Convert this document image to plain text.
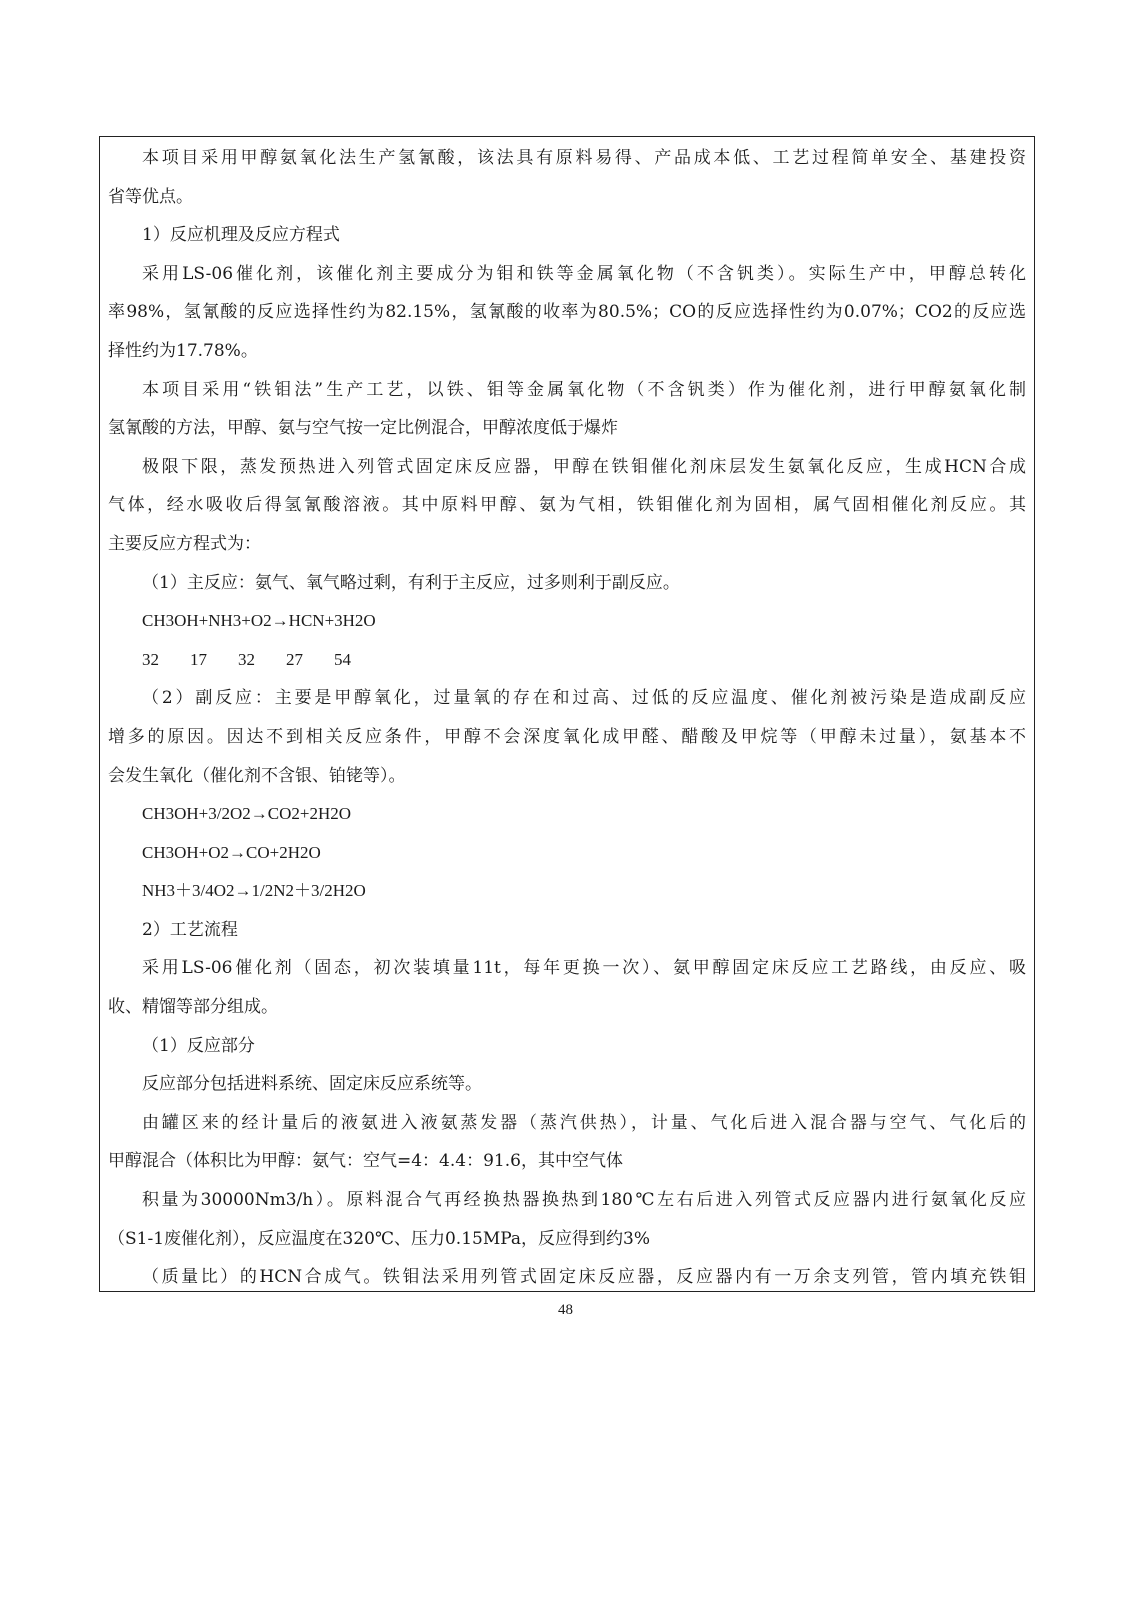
本项目采用甲醇氨氧化法生产氢氰酸，该法具有原料易得、产品成本低、工艺过程简单安全、基建投资
省等优点。
1）反应机理及反应方程式
采用LS-06催化剂，该催化剂主要成分为钼和铁等金属氧化物（不含钒类）。实际生产中，甲醇总转化
率98%，氢氰酸的反应选择性约为82.15%，氢氰酸的收率为80.5%；CO的反应选择性约为0.07%；CO2的反应选
择性约为17.78%。
本项目采用“铁钼法”生产工艺，以铁、钼等金属氧化物（不含钒类）作为催化剂，进行甲醇氨氧化制
氢氰酸的方法，甲醇、氨与空气按一定比例混合，甲醇浓度低于爆炸
极限下限，蒸发预热进入列管式固定床反应器，甲醇在铁钼催化剂床层发生氨氧化反应，生成HCN合成
气体，经水吸收后得氢氰酸溶液。其中原料甲醇、氨为气相，铁钼催化剂为固相，属气固相催化剂反应。其
主要反应方程式为：
（1）主反应：氨气、氧气略过剩，有利于主反应，过多则利于副反应。
CH3OH+NH3+O2→HCN+3H2O
32 17 32 27 54
（2）副反应：主要是甲醇氧化，过量氧的存在和过高、过低的反应温度、催化剂被污染是造成副反应
增多的原因。因达不到相关反应条件，甲醇不会深度氧化成甲醛、醋酸及甲烷等（甲醇未过量），氨基本不
会发生氧化（催化剂不含银、铂铑等）。
CH3OH+3/2O2→CO2+2H2O
CH3OH+O2→CO+2H2O
NH3＋3/4O2→1/2N2＋3/2H2O
2）工艺流程
采用LS-06催化剂（固态，初次装填量11t，每年更换一次）、氨甲醇固定床反应工艺路线，由反应、吸
收、精馏等部分组成。
（1）反应部分
反应部分包括进料系统、固定床反应系统等。
由罐区来的经计量后的液氨进入液氨蒸发器（蒸汽供热），计量、气化后进入混合器与空气、气化后的
甲醇混合（体积比为甲醇：氨气：空气=4：4.4：91.6，其中空气体
积量为30000Nm3/h）。原料混合气再经换热器换热到180℃左右后进入列管式反应器内进行氨氧化反应
（S1-1废催化剂），反应温度在320℃、压力0.15MPa，反应得到约3%
（质量比）的HCN合成气。铁钼法采用列管式固定床反应器，反应器内有一万余支列管，管内填充铁钼
48
